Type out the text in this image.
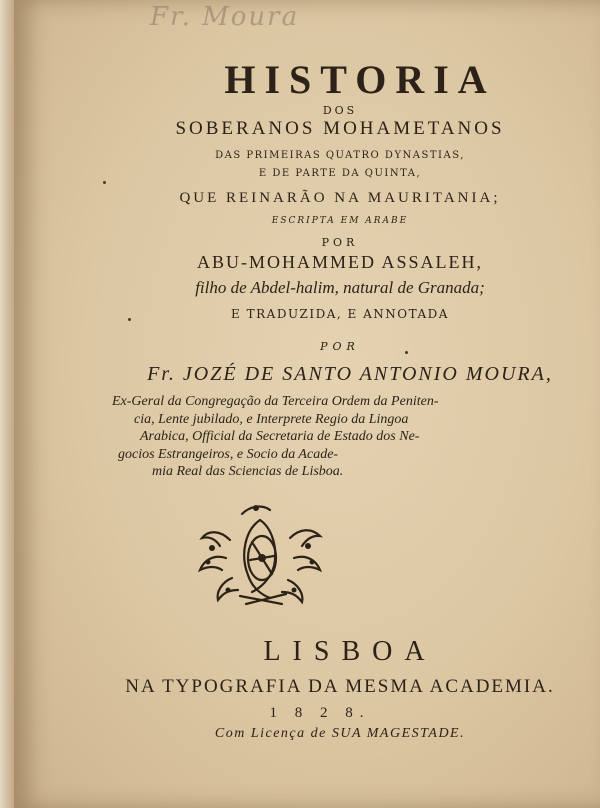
Fr. Moura
HISTORIA
DOS
SOBERANOS MOHAMETANOS
DAS PRIMEIRAS QUATRO DYNASTIAS,
E DE PARTE DA QUINTA,
QUE REINARÃO NA MAURITANIA;
ESCRIPTA EM ARABE
POR
ABU-MOHAMMED ASSALEH,
filho de Abdel-halim, natural de Granada;
E TRADUZIDA, E ANNOTADA
POR
Fr. JOZÉ DE SANTO ANTONIO MOURA,
Ex-Geral da Congregação da Terceira Ordem da Peniten-
cia, Lente jubilado, e Interprete Regio da Lingoa
Arabica, Official da Secretaria de Estado dos Ne-
gocios Estrangeiros, e Socio da Acade-
mia Real das Sciencias de Lisboa.
LISBOA
NA TYPOGRAFIA DA MESMA ACADEMIA.
1 8 2 8.
Com Licença de SUA MAGESTADE.
